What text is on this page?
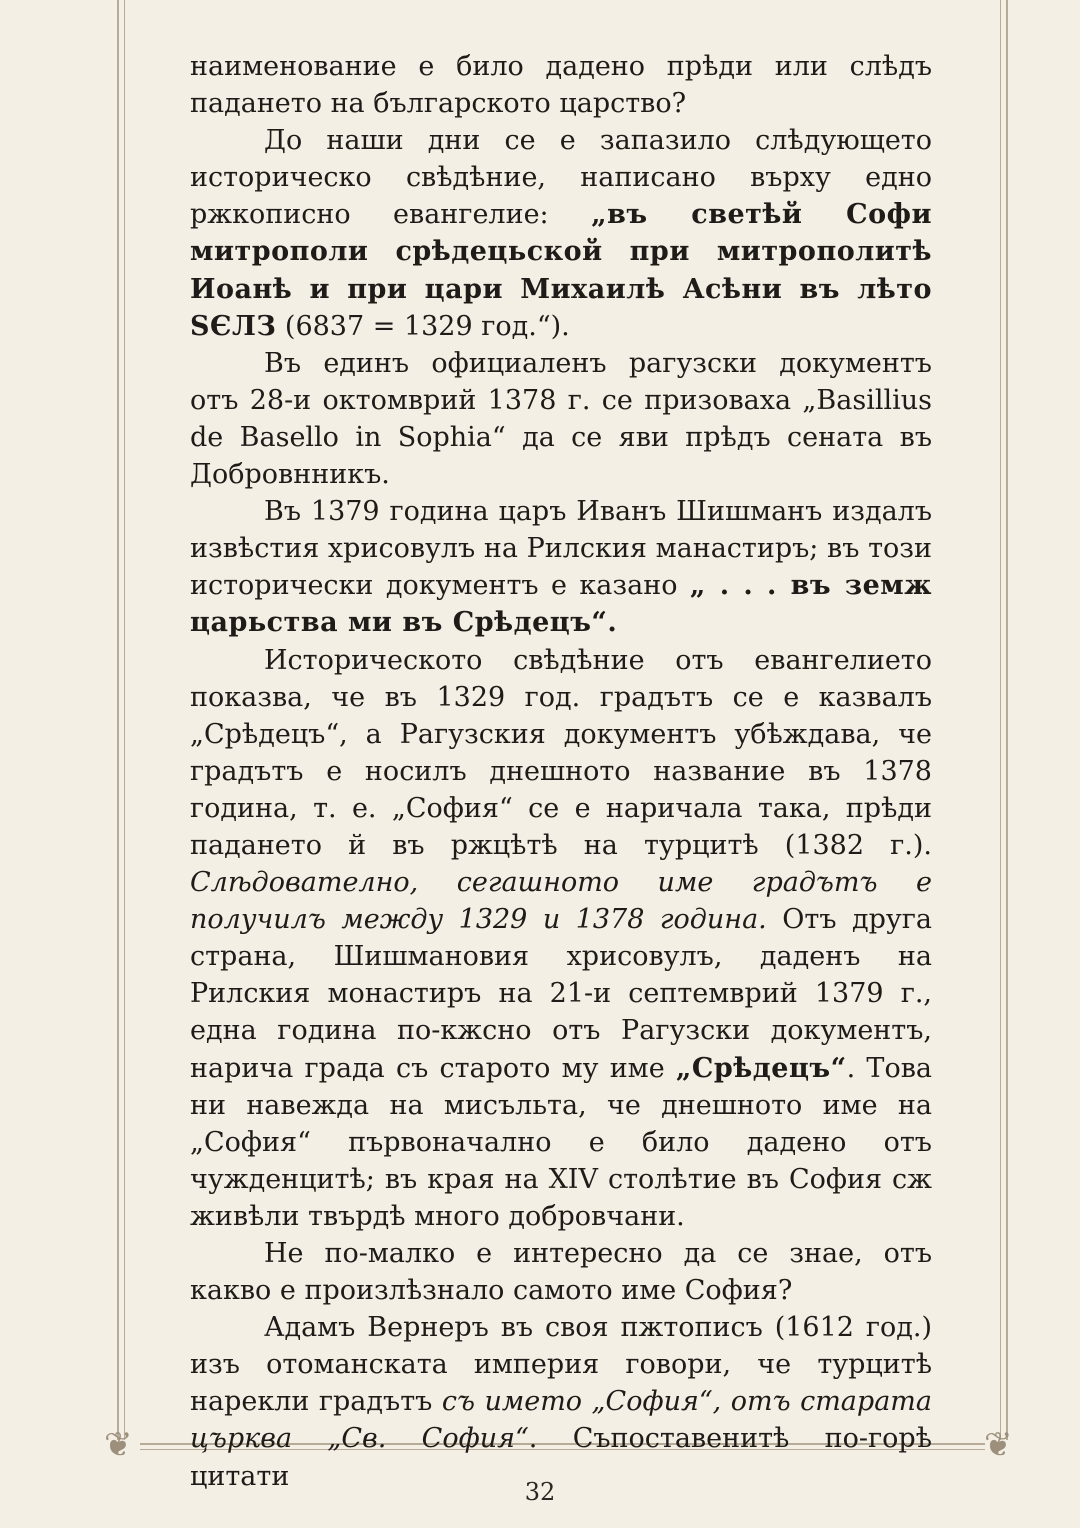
❦	❦

наименование е било дадено прѣди или слѣдъ падането на българското царство?

До наши дни се е запазило слѣдующето историческо свѣдѣние, написано върху едно ржкописно евангелие: „въ светѣй Софи митрополи срѣдецьской при митрополитѣ Иоанѣ и при цари Михаилѣ Асѣни въ лѣто ЅЄЛЗ (6837 = 1329 год.“).

Въ единъ официаленъ рагузски документъ отъ 28-и октомврий 1378 г. се призоваха „Basillius de Basello in Sophia“ да се яви прѣдъ сената въ Добровнникъ.

Въ 1379 година царъ Иванъ Шишманъ издалъ извѣстия хрисовулъ на Рилския манастиръ; въ този исторически документъ е казано „ . . . въ земж царьства ми въ Срѣдецъ“.

Историческото свѣдѣние отъ евангелието показва, че въ 1329 год. градътъ се е казвалъ „Срѣдецъ“, а Рагузския документъ убѣждава, че градътъ е носилъ днешното название въ 1378 година, т. е. „София“ се е наричала така, прѣди падането й въ ржцѣтѣ на турцитѣ (1382 г.). Слѣдователно, сегашното име градътъ е получилъ между 1329 и 1378 година. Отъ друга страна, Шишмановия хрисовулъ, даденъ на Рилския монастиръ на 21-и септемврий 1379 г., една година по-кжсно отъ Рагузски документъ, нарича града съ старото му име „Срѣдецъ“. Това ни навежда на мисъльта, че днешното име на „София“ първоначално е било дадено отъ чужденцитѣ; въ края на XIV столѣтие въ София сж живѣли твърдѣ много добровчани.

Не по-малко е интересно да се знае, отъ какво е произлѣзнало самото име София?

Адамъ Вернеръ въ своя пжтописъ (1612 год.) изъ отоманската империя говори, че турцитѣ нарекли градътъ съ името „София“, отъ старата църква „Св. София“. Съпоставенитѣ по-горѣ цитати

32
